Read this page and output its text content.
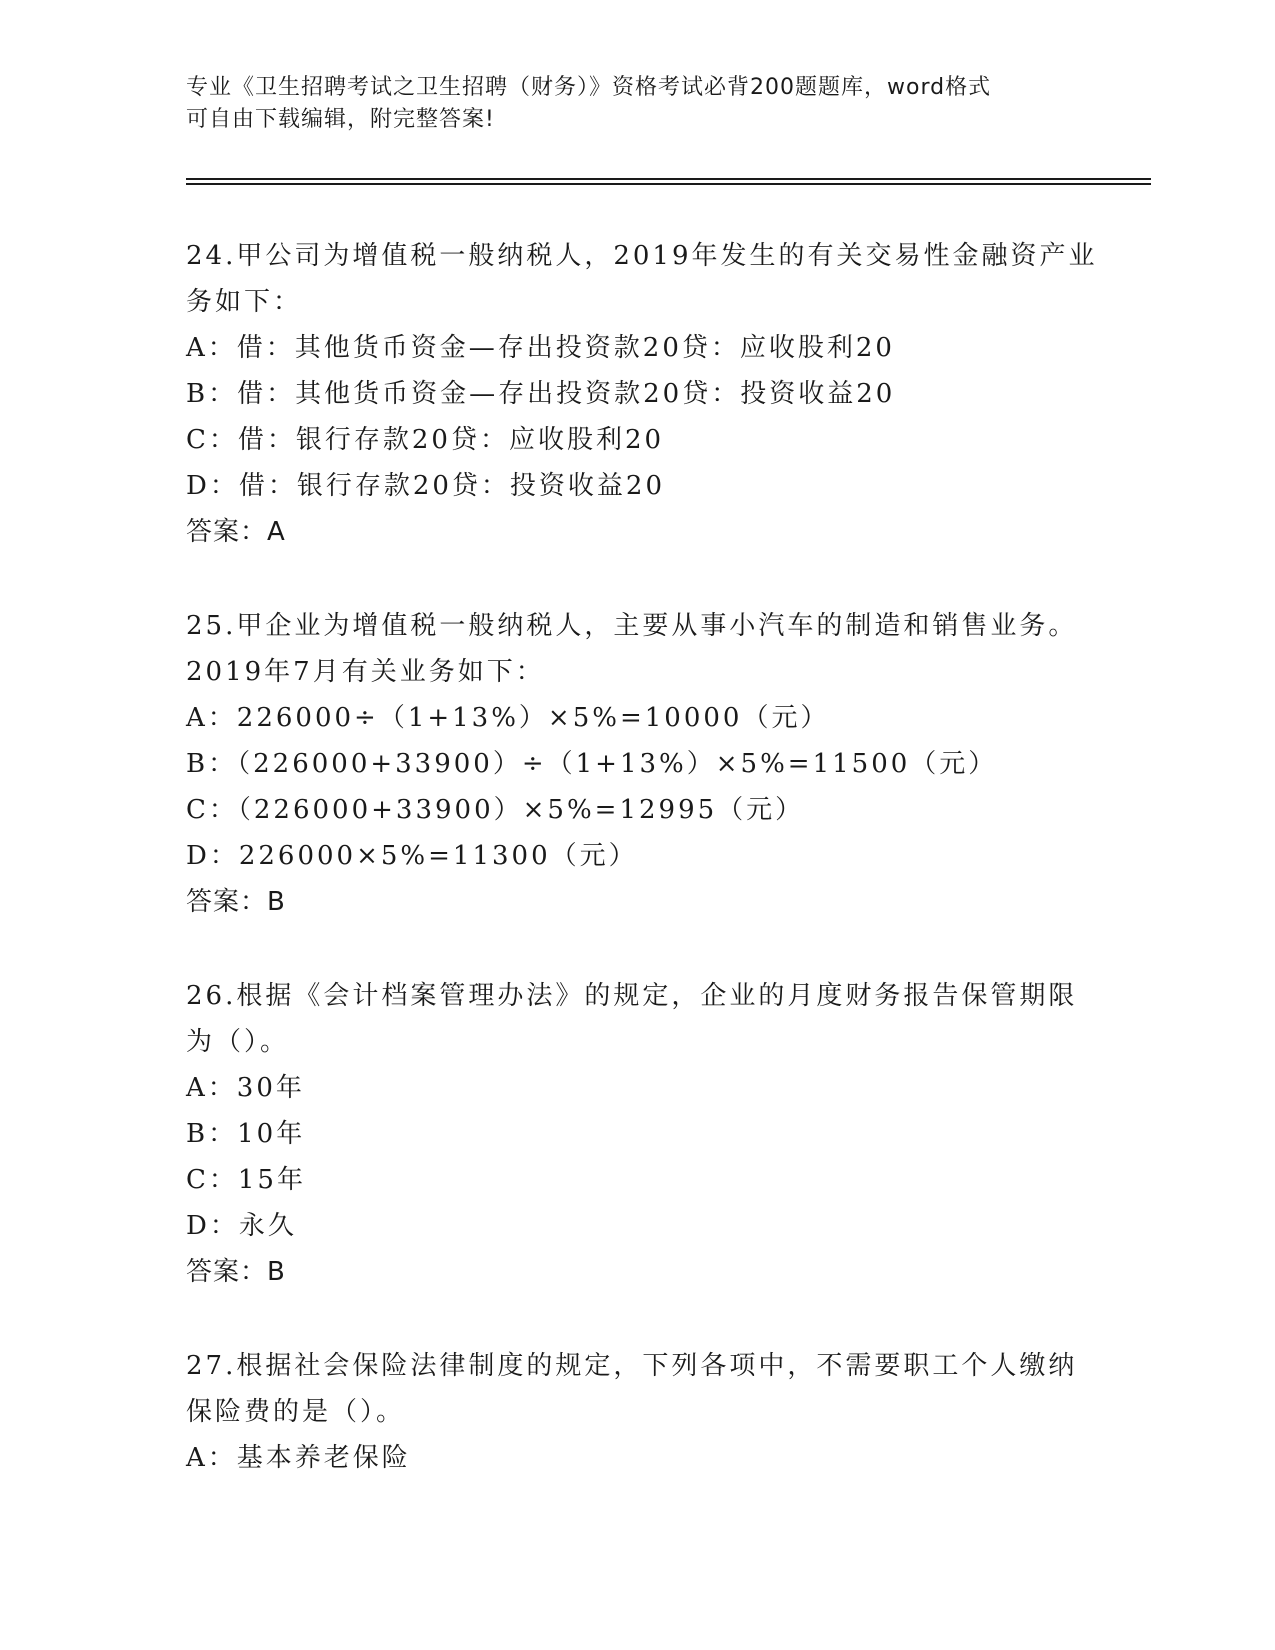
专业《卫生招聘考试之卫生招聘（财务）》资格考试必背200题题库，word格式
可自由下载编辑，附完整答案!
24.甲公司为增值税一般纳税人，2019年发生的有关交易性金融资产业
务如下：
A：借：其他货币资金—存出投资款20贷：应收股利20
B：借：其他货币资金—存出投资款20贷：投资收益20
C：借：银行存款20贷：应收股利20
D：借：银行存款20贷：投资收益20
答案：A
25.甲企业为增值税一般纳税人，主要从事小汽车的制造和销售业务。
2019年7月有关业务如下：
A：226000÷（1+13%）×5%=10000（元）
B：（226000+33900）÷（1+13%）×5%=11500（元）
C：（226000+33900）×5%=12995（元）
D：226000×5%=11300（元）
答案：B
26.根据《会计档案管理办法》的规定，企业的月度财务报告保管期限
为（）。
A：30年
B：10年
C：15年
D：永久
答案：B
27.根据社会保险法律制度的规定，下列各项中，不需要职工个人缴纳
保险费的是（）。
A：基本养老保险
